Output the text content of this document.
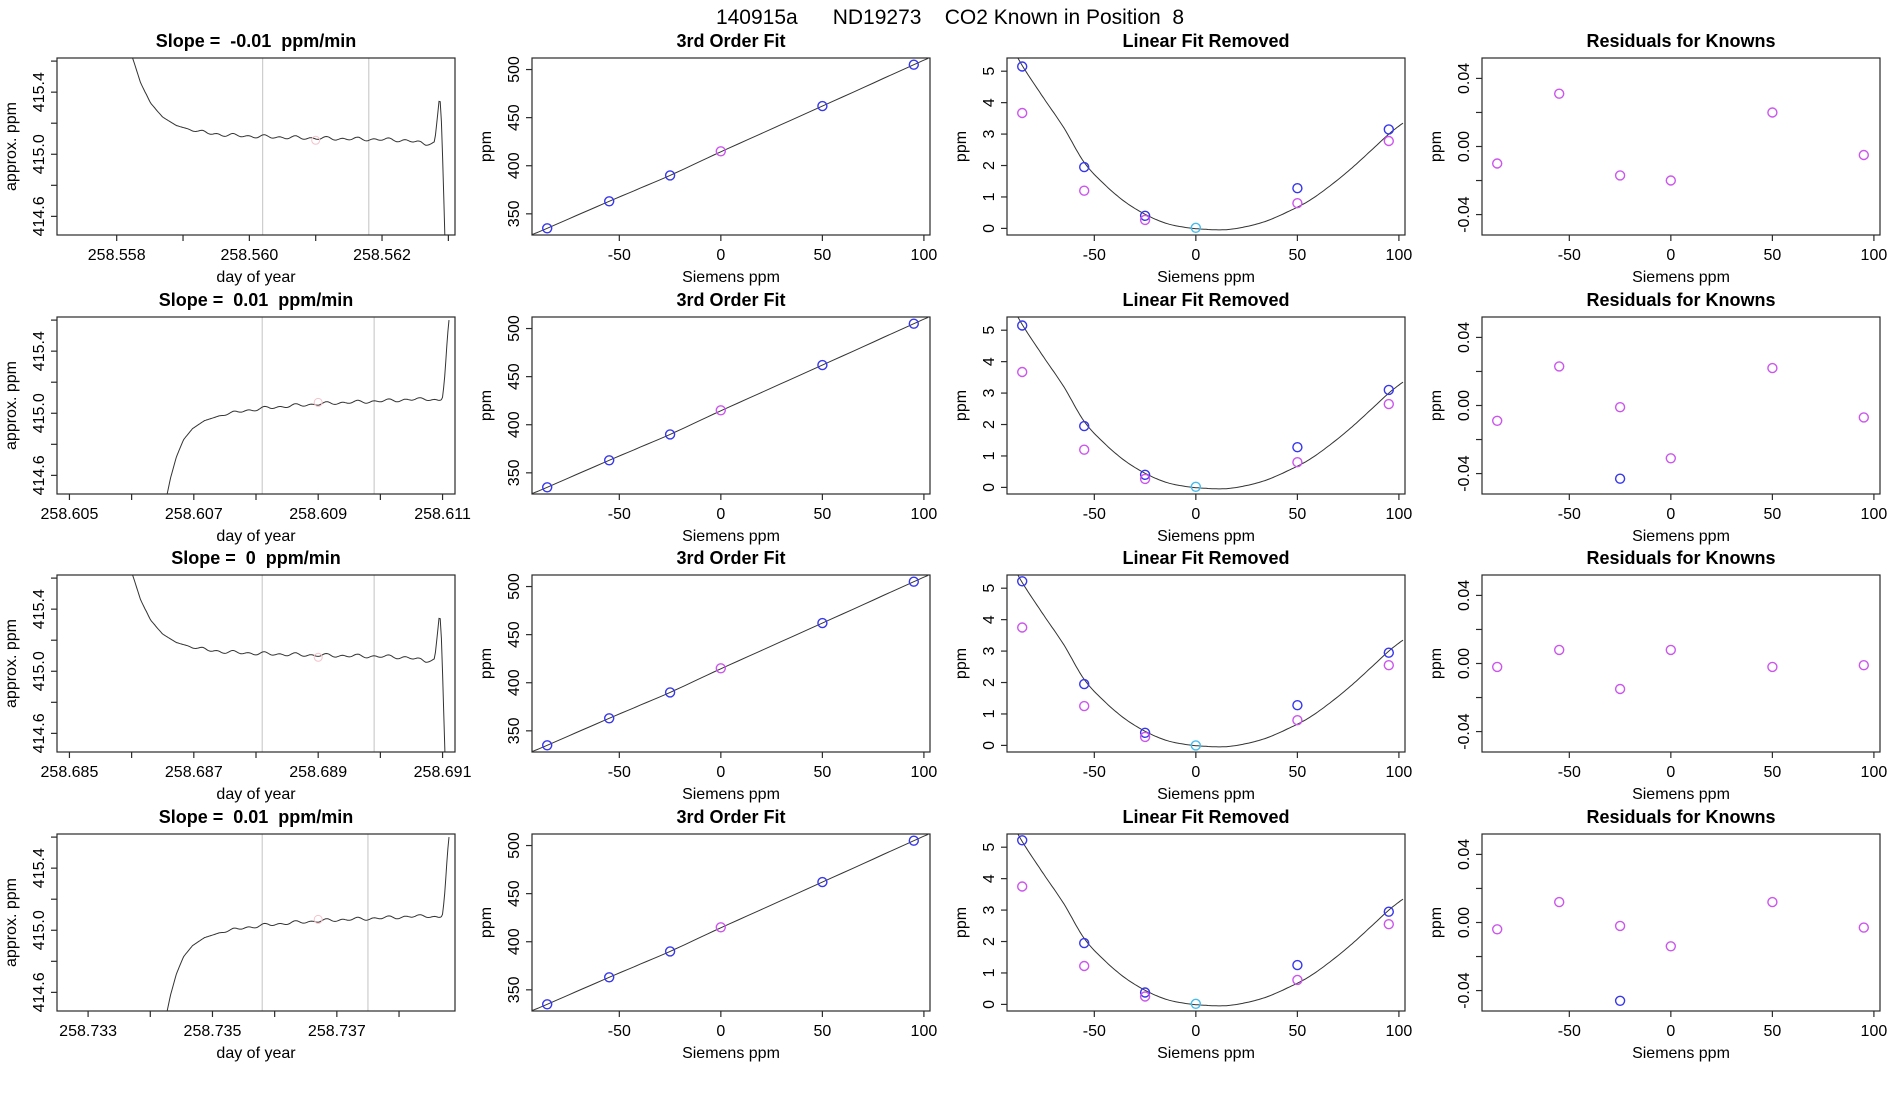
140915a      ND19273    CO2 Known in Position  8
258.558	258.560	258.562
414.6
415.0
415.4
Slope =  -0.01  ppm/min
day of year
approx. ppm
-50	0	50	100
350
400
450
500
3rd Order Fit
Siemens ppm
ppm
-50	0	50	100
0
1
2
3
4
5
Linear Fit Removed
Siemens ppm
ppm
-50	0	50	100
-0.04
0.00
0.04
Residuals for Knowns
Siemens ppm
ppm
258.605	258.607	258.609	258.611
414.6
415.0
415.4
Slope =  0.01  ppm/min
day of year
approx. ppm
-50	0	50	100
350
400
450
500
3rd Order Fit
Siemens ppm
ppm
-50	0	50	100
0
1
2
3
4
5
Linear Fit Removed
Siemens ppm
ppm
-50	0	50	100
-0.04
0.00
0.04
Residuals for Knowns
Siemens ppm
ppm
258.685	258.687	258.689	258.691
414.6
415.0
415.4
Slope =  0  ppm/min
day of year
approx. ppm
-50	0	50	100
350
400
450
500
3rd Order Fit
Siemens ppm
ppm
-50	0	50	100
0
1
2
3
4
5
Linear Fit Removed
Siemens ppm
ppm
-50	0	50	100
-0.04
0.00
0.04
Residuals for Knowns
Siemens ppm
ppm
258.733	258.735	258.737
414.6
415.0
415.4
Slope =  0.01  ppm/min
day of year
approx. ppm
-50	0	50	100
350
400
450
500
3rd Order Fit
Siemens ppm
ppm
-50	0	50	100
0
1
2
3
4
5
Linear Fit Removed
Siemens ppm
ppm
-50	0	50	100
-0.04
0.00
0.04
Residuals for Knowns
Siemens ppm
ppm
